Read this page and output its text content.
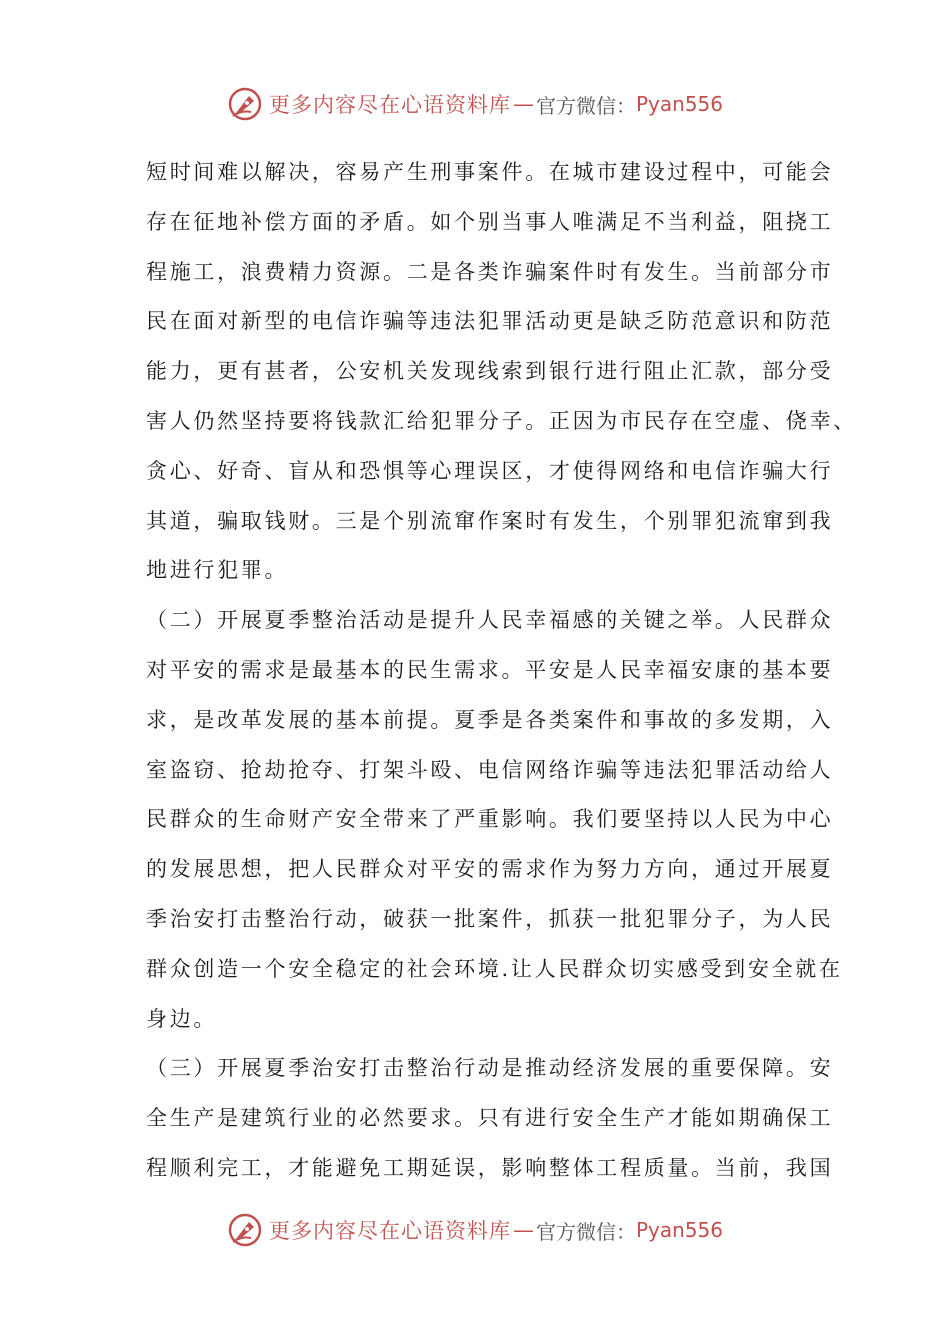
更多内容尽在心语资料库 — 官方微信： Pyan556
短时间难以解决，容易产生刑事案件。在城市建设过程中，可能会
存在征地补偿方面的矛盾。如个别当事人唯满足不当利益，阻挠工
程施工，浪费精力资源。二是各类诈骗案件时有发生。当前部分市
民在面对新型的电信诈骗等违法犯罪活动更是缺乏防范意识和防范
能力，更有甚者，公安机关发现线索到银行进行阻止汇款，部分受
害人仍然坚持要将钱款汇给犯罪分子。正因为市民存在空虚、侥幸、
贪心、好奇、盲从和恐惧等心理误区，才使得网络和电信诈骗大行
其道，骗取钱财。三是个别流窜作案时有发生，个别罪犯流窜到我
地进行犯罪。
（二）开展夏季整治活动是提升人民幸福感的关键之举。人民群众
对平安的需求是最基本的民生需求。平安是人民幸福安康的基本要
求，是改革发展的基本前提。夏季是各类案件和事故的多发期，入
室盗窃、抢劫抢夺、打架斗殴、电信网络诈骗等违法犯罪活动给人
民群众的生命财产安全带来了严重影响。我们要坚持以人民为中心
的发展思想，把人民群众对平安的需求作为努力方向，通过开展夏
季治安打击整治行动，破获一批案件，抓获一批犯罪分子，为人民
群众创造一个安全稳定的社会环境.让人民群众切实感受到安全就在
身边。
（三）开展夏季治安打击整治行动是推动经济发展的重要保障。安
全生产是建筑行业的必然要求。只有进行安全生产才能如期确保工
程顺利完工，才能避免工期延误，影响整体工程质量。当前，我国
更多内容尽在心语资料库 — 官方微信： Pyan556
